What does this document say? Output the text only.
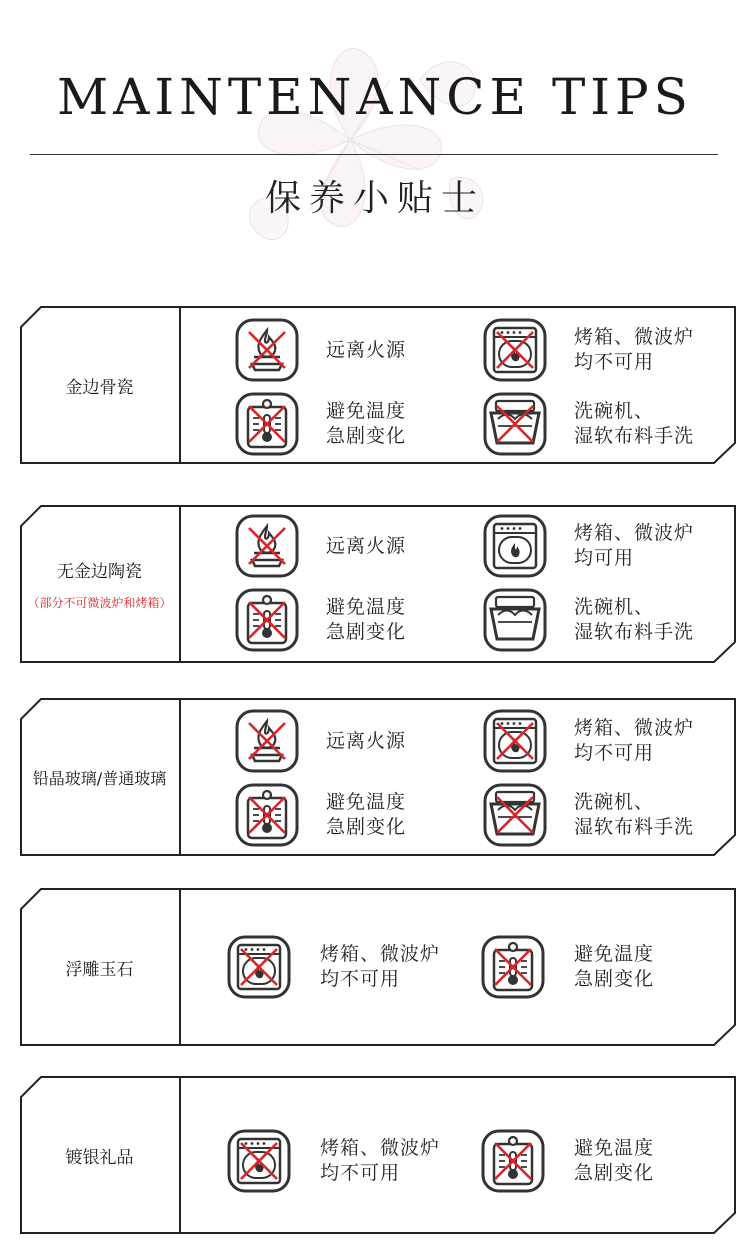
MAINTENANCE TIPS
保养小贴士
金边骨瓷
远离火源
烤箱、微波炉
均不可用
避免温度
急剧变化
洗碗机、
湿软布料手洗
无金边陶瓷
（部分不可微波炉和烤箱）
远离火源
烤箱、微波炉
均可用
避免温度
急剧变化
洗碗机、
湿软布料手洗
铅晶玻璃/普通玻璃
远离火源
烤箱、微波炉
均不可用
避免温度
急剧变化
洗碗机、
湿软布料手洗
浮雕玉石
烤箱、微波炉
均不可用
避免温度
急剧变化
镀银礼品	烤箱、微波炉
均不可用
避免温度
急剧变化
